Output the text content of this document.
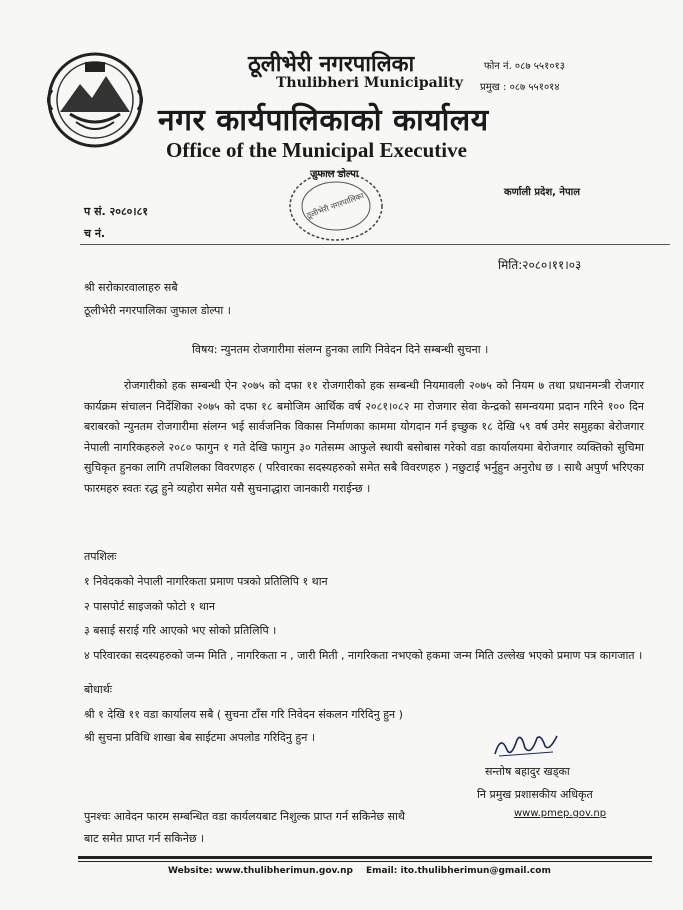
ठूलीभेरी नगरपालिका
Thulibheri Municipality
फोन नं. ०८७ ५५१०१३
प्रमुख : ०८७ ५५१०१४
नगर कार्यपालिकाको कार्यालय
Office of the Municipal Executive
ठूलीभेरी नगरपालिका
जुफाल डोल्पा
कर्णाली प्रदेश, नेपाल
प सं. २०८०।८१
च नं.
मिति:२०८०।११।०३
श्री सरोकारवालाहरु सबै
ठूलीभेरी नगरपालिका जुफाल डोल्पा ।
विषय: न्युनतम रोजगारीमा संलग्न हुनका लागि निवेदन दिने सम्बन्धी सुचना ।
रोजगारीको हक सम्बन्धी ऐन २०७५ को दफा ११ रोजगारीको हक सम्बन्धी नियमावली २०७५ को नियम ७ तथा प्रधानमन्त्री रोजगार कार्यक्रम संचालन निर्देशिका २०७५ को दफा १८ बमोजिम आर्थिक वर्ष २०८१।०८२ मा रोजगार सेवा केन्द्रको समन्वयमा प्रदान गरिने १०० दिन बराबरको न्युनतम रोजगारीमा संलग्न भई सार्वजनिक विकास निर्माणका काममा योगदान गर्न इच्छुक १८ देखि ५९ वर्ष उमेर समुहका बेरोजगार नेपाली नागरिकहरुले २०८० फागुन १ गते देखि फागुन ३० गतेसम्म आफुले स्थायी बसोबास गरेको वडा कार्यालयमा बेरोजगार व्यक्तिको सुचिमा सुचिकृत हुनका लागि तपशिलका विवरणहरु ( परिवारका सदस्यहरुको समेत सबै विवरणहरु ) नछुटाई भर्नुहुन अनुरोध छ । साथै अपुर्ण भरिएका फारमहरु स्वतः रद्ध हुने व्यहोरा समेत यसै सुचनाद्धारा जानकारी गराईन्छ ।
तपशिलः
१ निवेदकको नेपाली नागरिकता प्रमाण पत्रको प्रतिलिपि १ थान
२ पासपोर्ट साइजको फोटो १ थान
३ बसाई सराई गरि आएको भए सोको प्रतिलिपि ।
४ परिवारका सदस्यहरुको जन्म मिति , नागरिकता न , जारी मिती , नागरिकता नभएको हकमा जन्म मिति उल्लेख भएको प्रमाण पत्र कागजात ।
बोधार्थः
श्री १ देखि ११ वडा कार्यालय सबै ( सुचना टाँस गरि निवेदन संकलन गरिदिनु हुन )
श्री सुचना प्रविधि शाखा बेब साईटमा अपलोड गरिदिनु हुन ।
सन्तोष बहादुर खड्का
नि प्रमुख प्रशासकीय अधिकृत
पुनश्चः आवेदन फारम सम्बन्धित वडा कार्यलयबाट निशुल्क प्राप्त गर्न सकिनेछ साथै
बाट समेत प्राप्त गर्न सकिनेछ ।
www.pmep.gov.np
Website: www.thulibherimun.gov.np Email: ito.thulibherimun@gmail.com
